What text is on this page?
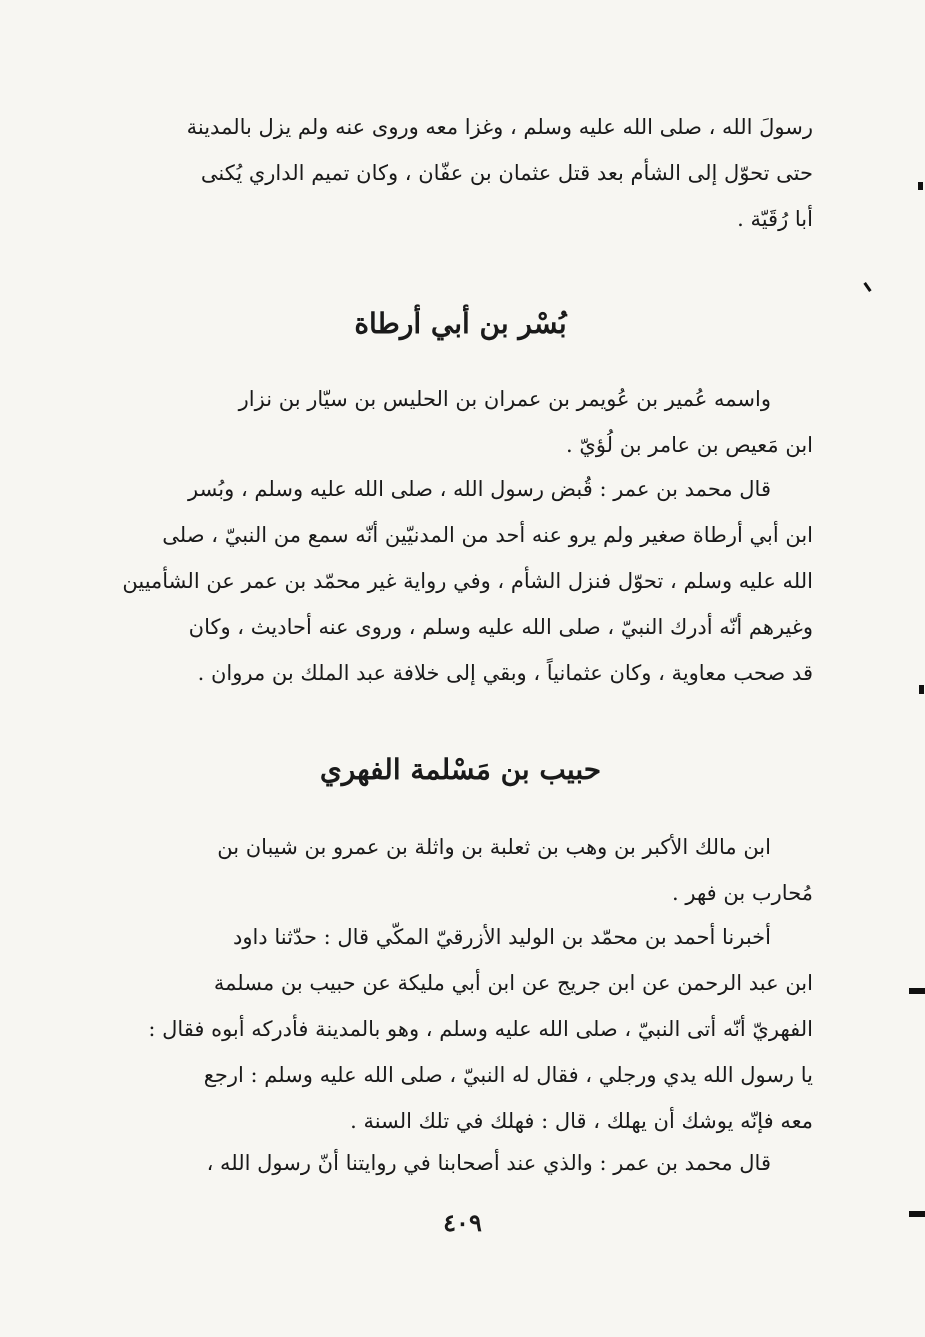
رسولَ الله ، صلى الله عليه وسلم ، وغزا معه وروى عنه ولم يزل بالمدينة
حتى تحوّل إلى الشأم بعد قتل عثمان بن عفّان ، وكان تميم الداري يُكنى
أبا رُقَيّة .
بُسْر بن أبي أرطاة
واسمه عُمير بن عُويمر بن عمران بن الحليس بن سيّار بن نزار
ابن مَعيص بن عامر بن لُؤيّ .
قال محمد بن عمر : قُبض رسول الله ، صلى الله عليه وسلم ، وبُسر
ابن أبي أرطاة صغير ولم يرو عنه أحد من المدنيّين أنّه سمع من النبيّ ، صلى
الله عليه وسلم ، تحوّل فنزل الشأم ، وفي رواية غير محمّد بن عمر عن الشأميين
وغيرهم أنّه أدرك النبيّ ، صلى الله عليه وسلم ، وروى عنه أحاديث ، وكان
قد صحب معاوية ، وكان عثمانياً ، وبقي إلى خلافة عبد الملك بن مروان .
حبيب بن مَسْلمة الفهري
ابن مالك الأكبر بن وهب بن ثعلبة بن واثلة بن عمرو بن شيبان بن
مُحارب بن فهر .
أخبرنا أحمد بن محمّد بن الوليد الأزرقيّ المكّي قال : حدّثنا داود
ابن عبد الرحمن عن ابن جريج عن ابن أبي مليكة عن حبيب بن مسلمة
الفهريّ أنّه أتى النبيّ ، صلى الله عليه وسلم ، وهو بالمدينة فأدركه أبوه فقال :
يا رسول الله يدي ورجلي ، فقال له النبيّ ، صلى الله عليه وسلم : ارجع
معه فإنّه يوشك أن يهلك ، قال : فهلك في تلك السنة .
قال محمد بن عمر : والذي عند أصحابنا في روايتنا أنّ رسول الله ،
٤٠٩
